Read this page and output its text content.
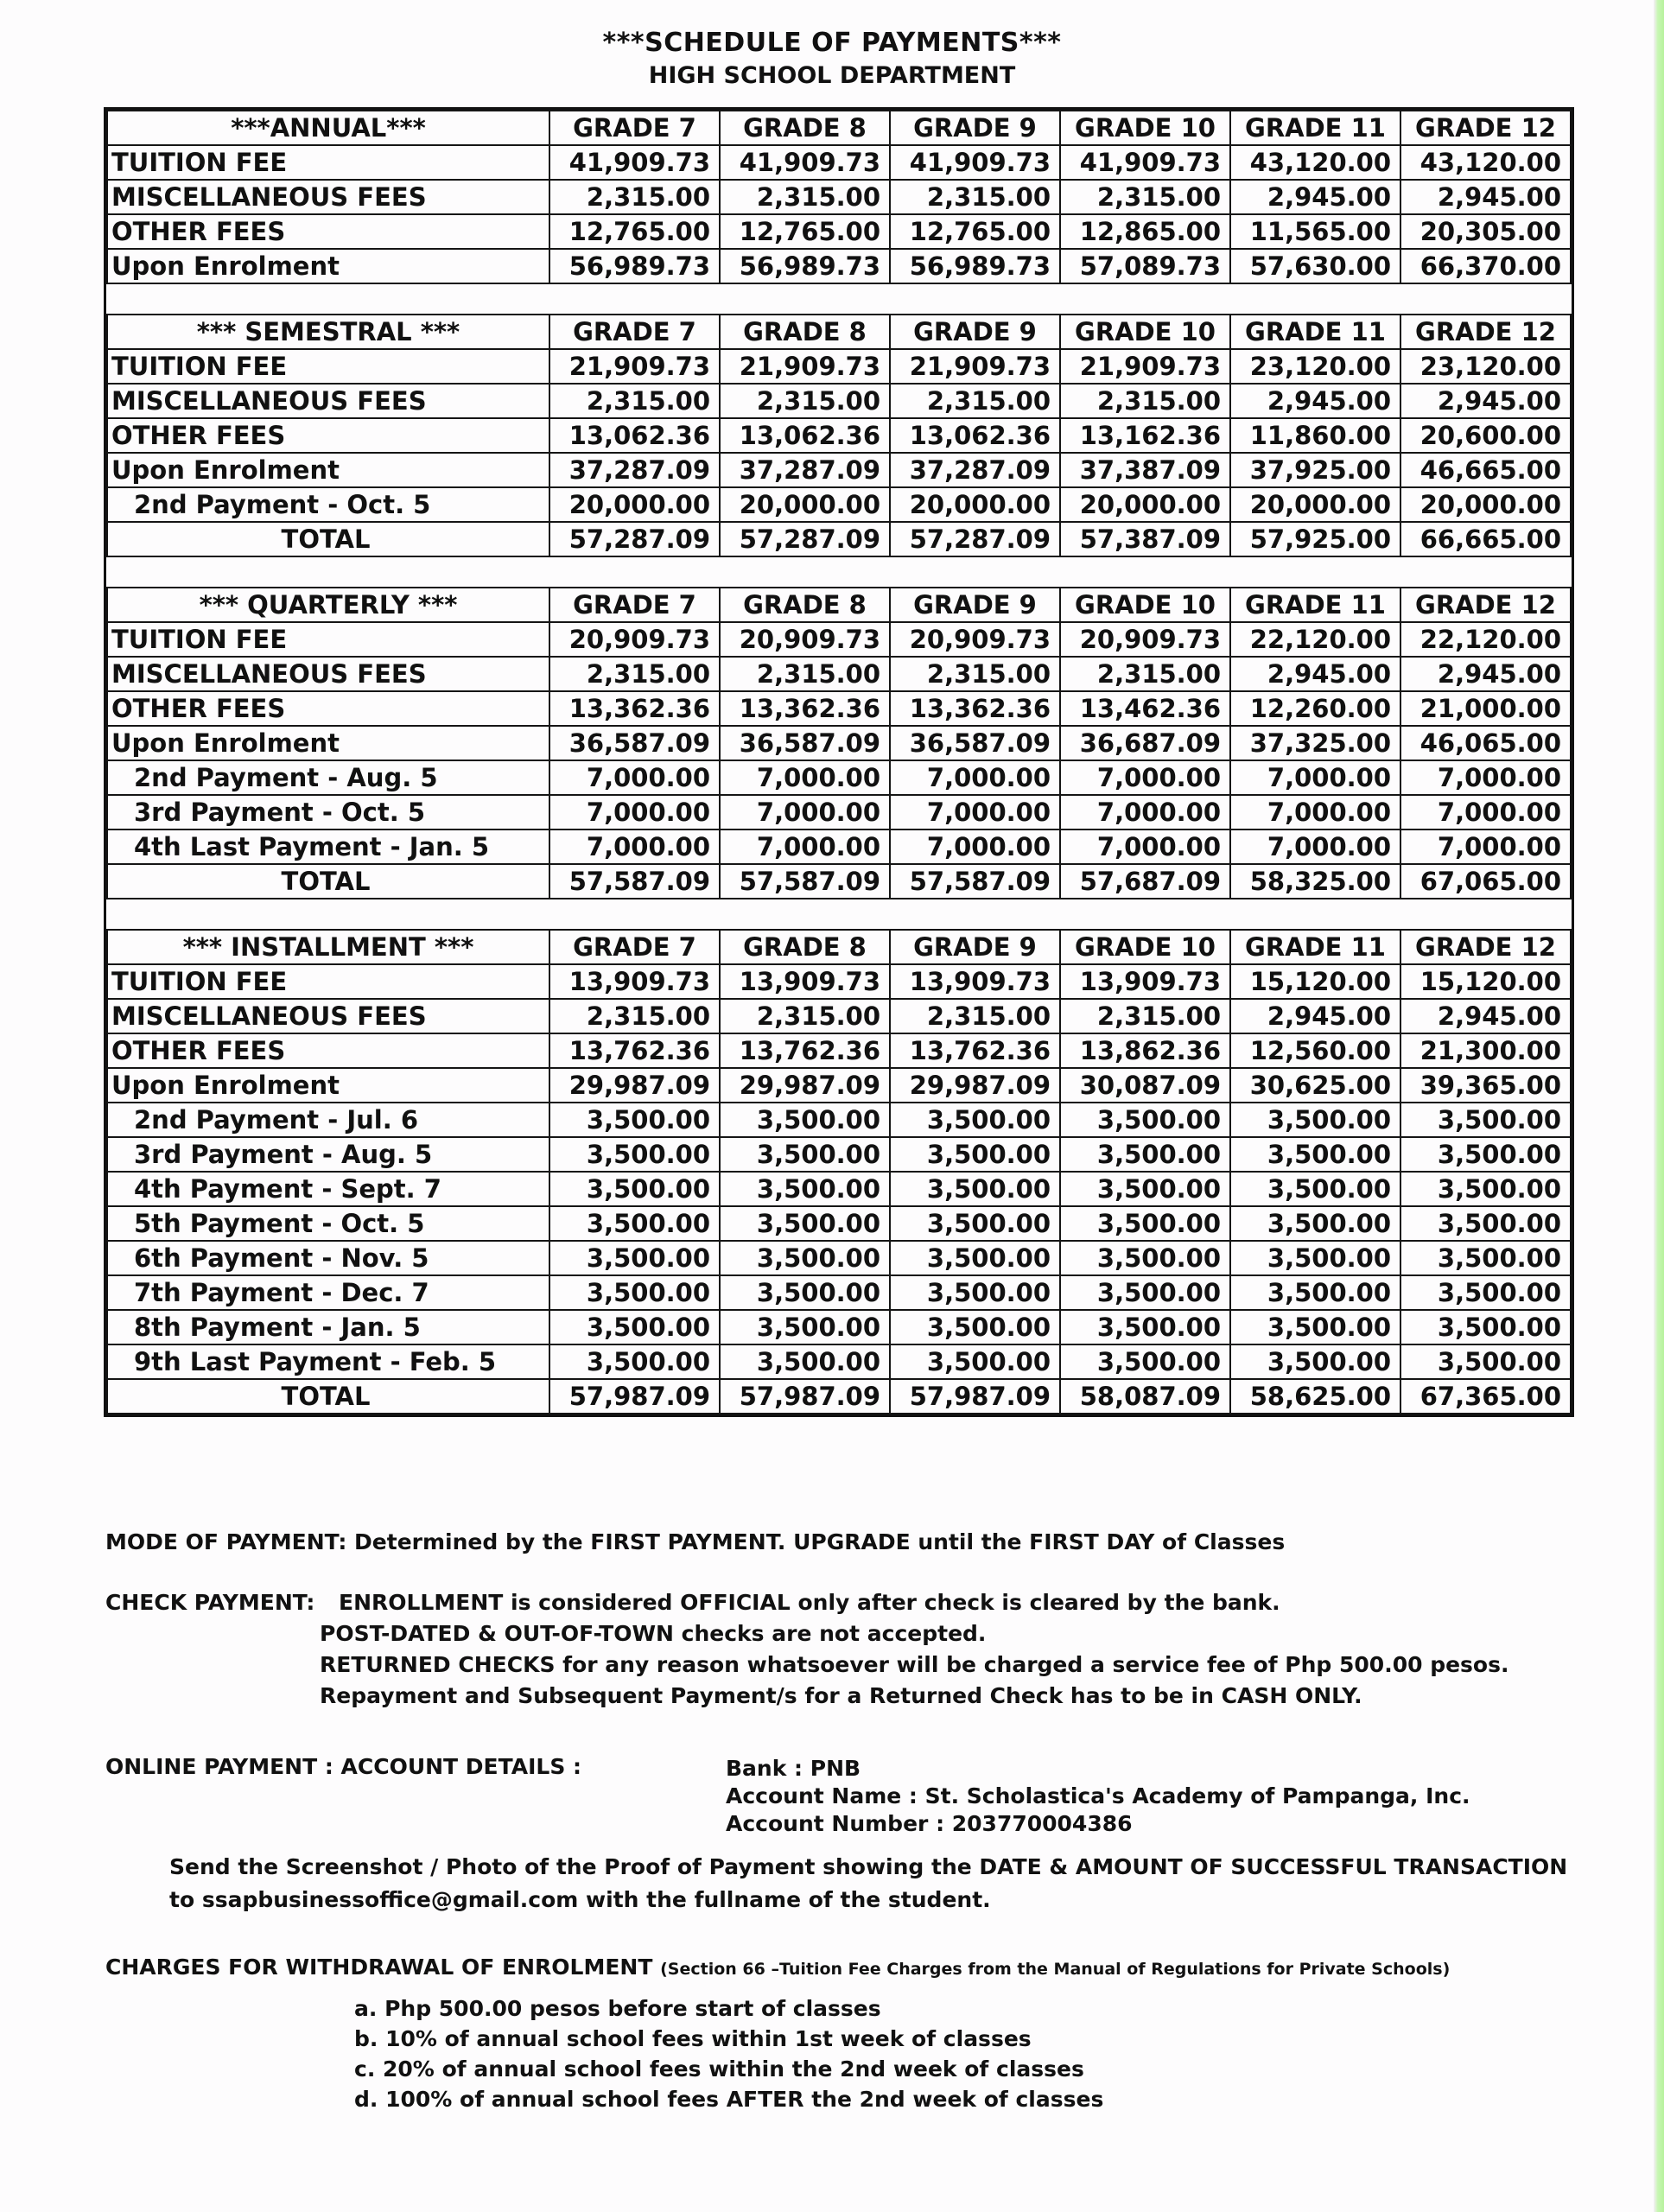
***SCHEDULE OF PAYMENTS***
HIGH SCHOOL DEPARTMENT
***ANNUAL***	GRADE 7	GRADE 8	GRADE 9	GRADE 10	GRADE 11	GRADE 12
TUITION FEE	41,909.73	41,909.73	41,909.73	41,909.73	43,120.00	43,120.00
MISCELLANEOUS FEES	2,315.00	2,315.00	2,315.00	2,315.00	2,945.00	2,945.00
OTHER FEES	12,765.00	12,765.00	12,765.00	12,865.00	11,565.00	20,305.00
Upon Enrolment	56,989.73	56,989.73	56,989.73	57,089.73	57,630.00	66,370.00

*** SEMESTRAL ***	GRADE 7	GRADE 8	GRADE 9	GRADE 10	GRADE 11	GRADE 12
TUITION FEE	21,909.73	21,909.73	21,909.73	21,909.73	23,120.00	23,120.00
MISCELLANEOUS FEES	2,315.00	2,315.00	2,315.00	2,315.00	2,945.00	2,945.00
OTHER FEES	13,062.36	13,062.36	13,062.36	13,162.36	11,860.00	20,600.00
Upon Enrolment	37,287.09	37,287.09	37,287.09	37,387.09	37,925.00	46,665.00
2nd Payment - Oct. 5	20,000.00	20,000.00	20,000.00	20,000.00	20,000.00	20,000.00
TOTAL	57,287.09	57,287.09	57,287.09	57,387.09	57,925.00	66,665.00

*** QUARTERLY ***	GRADE 7	GRADE 8	GRADE 9	GRADE 10	GRADE 11	GRADE 12
TUITION FEE	20,909.73	20,909.73	20,909.73	20,909.73	22,120.00	22,120.00
MISCELLANEOUS FEES	2,315.00	2,315.00	2,315.00	2,315.00	2,945.00	2,945.00
OTHER FEES	13,362.36	13,362.36	13,362.36	13,462.36	12,260.00	21,000.00
Upon Enrolment	36,587.09	36,587.09	36,587.09	36,687.09	37,325.00	46,065.00
2nd Payment - Aug. 5	7,000.00	7,000.00	7,000.00	7,000.00	7,000.00	7,000.00
3rd Payment - Oct. 5	7,000.00	7,000.00	7,000.00	7,000.00	7,000.00	7,000.00
4th Last Payment - Jan. 5	7,000.00	7,000.00	7,000.00	7,000.00	7,000.00	7,000.00
TOTAL	57,587.09	57,587.09	57,587.09	57,687.09	58,325.00	67,065.00

*** INSTALLMENT ***	GRADE 7	GRADE 8	GRADE 9	GRADE 10	GRADE 11	GRADE 12
TUITION FEE	13,909.73	13,909.73	13,909.73	13,909.73	15,120.00	15,120.00
MISCELLANEOUS FEES	2,315.00	2,315.00	2,315.00	2,315.00	2,945.00	2,945.00
OTHER FEES	13,762.36	13,762.36	13,762.36	13,862.36	12,560.00	21,300.00
Upon Enrolment	29,987.09	29,987.09	29,987.09	30,087.09	30,625.00	39,365.00
2nd Payment - Jul. 6	3,500.00	3,500.00	3,500.00	3,500.00	3,500.00	3,500.00
3rd Payment - Aug. 5	3,500.00	3,500.00	3,500.00	3,500.00	3,500.00	3,500.00
4th Payment - Sept. 7	3,500.00	3,500.00	3,500.00	3,500.00	3,500.00	3,500.00
5th Payment - Oct. 5	3,500.00	3,500.00	3,500.00	3,500.00	3,500.00	3,500.00
6th Payment - Nov. 5	3,500.00	3,500.00	3,500.00	3,500.00	3,500.00	3,500.00
7th Payment - Dec. 7	3,500.00	3,500.00	3,500.00	3,500.00	3,500.00	3,500.00
8th Payment - Jan. 5	3,500.00	3,500.00	3,500.00	3,500.00	3,500.00	3,500.00
9th Last Payment - Feb. 5	3,500.00	3,500.00	3,500.00	3,500.00	3,500.00	3,500.00
TOTAL	57,987.09	57,987.09	57,987.09	58,087.09	58,625.00	67,365.00
MODE OF PAYMENT: Determined by the FIRST PAYMENT. UPGRADE until the FIRST DAY of Classes
CHECK PAYMENT: ENROLLMENT is considered OFFICIAL only after check is cleared by the bank.
POST-DATED & OUT-OF-TOWN checks are not accepted.
RETURNED CHECKS for any reason whatsoever will be charged a service fee of Php 500.00 pesos.
Repayment and Subsequent Payment/s for a Returned Check has to be in CASH ONLY.
ONLINE PAYMENT : ACCOUNT DETAILS :	Bank : PNB
Account Name : St. Scholastica's Academy of Pampanga, Inc.
Account Number : 203770004386
Send the Screenshot / Photo of the Proof of Payment showing the DATE & AMOUNT OF SUCCESSFUL TRANSACTION
to ssapbusinessoffice@gmail.com with the fullname of the student.
CHARGES FOR WITHDRAWAL OF ENROLMENT (Section 66 –Tuition Fee Charges from the Manual of Regulations for Private Schools)
a. Php 500.00 pesos before start of classes
b. 10% of annual school fees within 1st week of classes
c. 20% of annual school fees within the 2nd week of classes
d. 100% of annual school fees AFTER the 2nd week of classes
